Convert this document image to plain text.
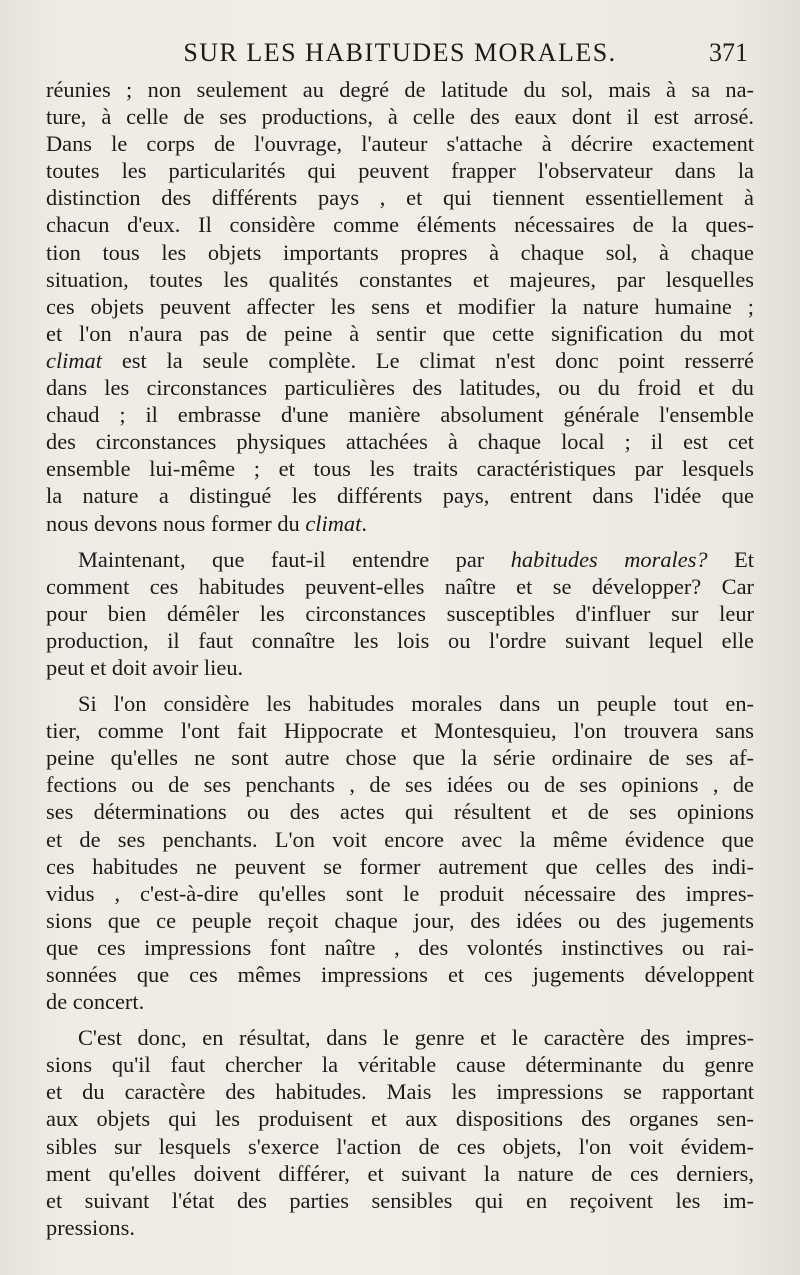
SUR LES HABITUDES MORALES.	371

réunies ; non seulement au degré de latitude du sol, mais à sa na-
ture, à celle de ses productions, à celle des eaux dont il est arrosé.
Dans le corps de l'ouvrage, l'auteur s'attache à décrire exactement
toutes les particularités qui peuvent frapper l'observateur dans la
distinction des différents pays , et qui tiennent essentiellement à
chacun d'eux. Il considère comme éléments nécessaires de la ques-
tion tous les objets importants propres à chaque sol, à chaque
situation, toutes les qualités constantes et majeures, par lesquelles
ces objets peuvent affecter les sens et modifier la nature humaine ;
et l'on n'aura pas de peine à sentir que cette signification du mot
climat est la seule complète. Le climat n'est donc point resserré
dans les circonstances particulières des latitudes, ou du froid et du
chaud ; il embrasse d'une manière absolument générale l'ensemble
des circonstances physiques attachées à chaque local ; il est cet
ensemble lui-même ; et tous les traits caractéristiques par lesquels
la nature a distingué les différents pays, entrent dans l'idée que
nous devons nous former du climat.

Maintenant, que faut-il entendre par habitudes morales? Et
comment ces habitudes peuvent-elles naître et se développer? Car
pour bien démêler les circonstances susceptibles d'influer sur leur
production, il faut connaître les lois ou l'ordre suivant lequel elle
peut et doit avoir lieu.

Si l'on considère les habitudes morales dans un peuple tout en-
tier, comme l'ont fait Hippocrate et Montesquieu, l'on trouvera sans
peine qu'elles ne sont autre chose que la série ordinaire de ses af-
fections ou de ses penchants , de ses idées ou de ses opinions , de
ses déterminations ou des actes qui résultent et de ses opinions
et de ses penchants. L'on voit encore avec la même évidence que
ces habitudes ne peuvent se former autrement que celles des indi-
vidus , c'est-à-dire qu'elles sont le produit nécessaire des impres-
sions que ce peuple reçoit chaque jour, des idées ou des jugements
que ces impressions font naître , des volontés instinctives ou rai-
sonnées que ces mêmes impressions et ces jugements développent
de concert.

C'est donc, en résultat, dans le genre et le caractère des impres-
sions qu'il faut chercher la véritable cause déterminante du genre
et du caractère des habitudes. Mais les impressions se rapportant
aux objets qui les produisent et aux dispositions des organes sen-
sibles sur lesquels s'exerce l'action de ces objets, l'on voit évidem-
ment qu'elles doivent différer, et suivant la nature de ces derniers,
et suivant l'état des parties sensibles qui en reçoivent les im-
pressions.
